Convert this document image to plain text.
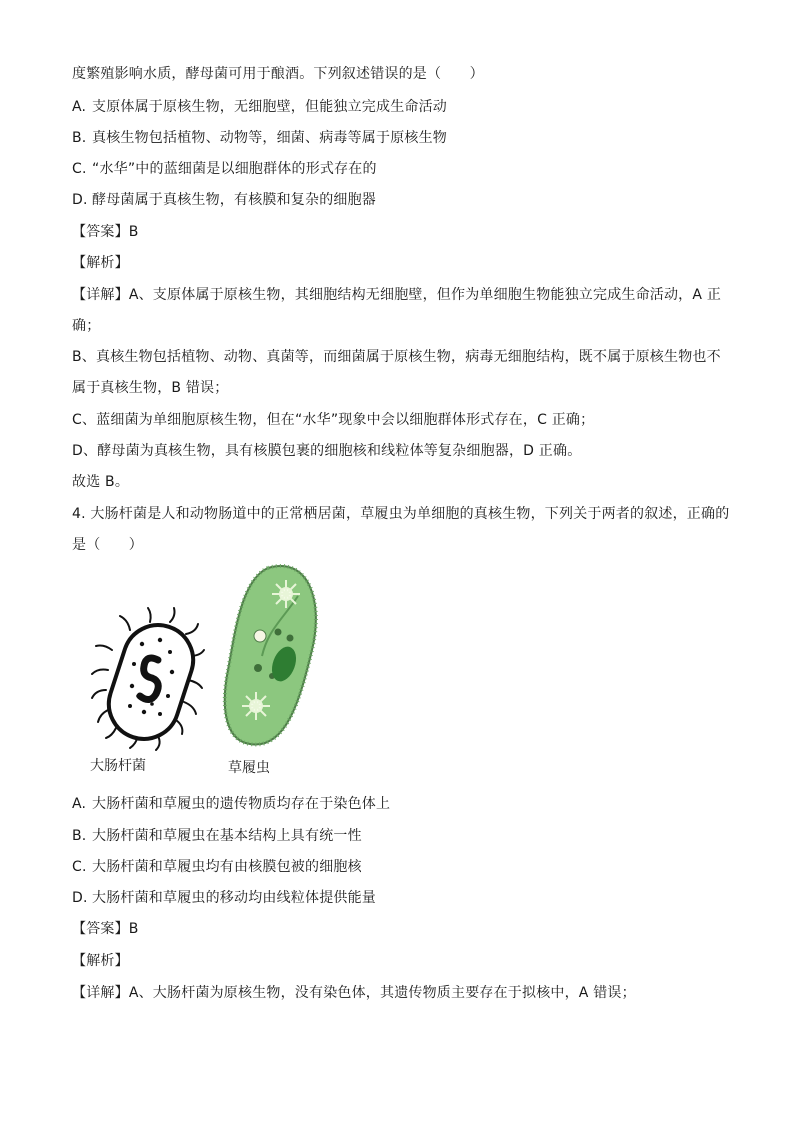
度繁殖影响水质，酵母菌可用于酿酒。下列叙述错误的是（　　）
A. 支原体属于原核生物，无细胞壁，但能独立完成生命活动
B. 真核生物包括植物、动物等，细菌、病毒等属于原核生物
C. “水华”中的蓝细菌是以细胞群体的形式存在的
D. 酵母菌属于真核生物，有核膜和复杂的细胞器
【答案】B
【解析】
【详解】A、支原体属于原核生物，其细胞结构无细胞壁，但作为单细胞生物能独立完成生命活动，A 正
确；
B、真核生物包括植物、动物、真菌等，而细菌属于原核生物，病毒无细胞结构，既不属于原核生物也不
属于真核生物，B 错误；
C、蓝细菌为单细胞原核生物，但在“水华”现象中会以细胞群体形式存在，C 正确；
D、酵母菌为真核生物，具有核膜包裹的细胞核和线粒体等复杂细胞器，D 正确。
故选 B。
4. 大肠杆菌是人和动物肠道中的正常栖居菌，草履虫为单细胞的真核生物，下列关于两者的叙述，正确的
是（　　）
大肠杆菌	草履虫
A. 大肠杆菌和草履虫的遗传物质均存在于染色体上
B. 大肠杆菌和草履虫在基本结构上具有统一性
C. 大肠杆菌和草履虫均有由核膜包被的细胞核
D. 大肠杆菌和草履虫的移动均由线粒体提供能量
【答案】B
【解析】
【详解】A、大肠杆菌为原核生物，没有染色体，其遗传物质主要存在于拟核中，A 错误；
